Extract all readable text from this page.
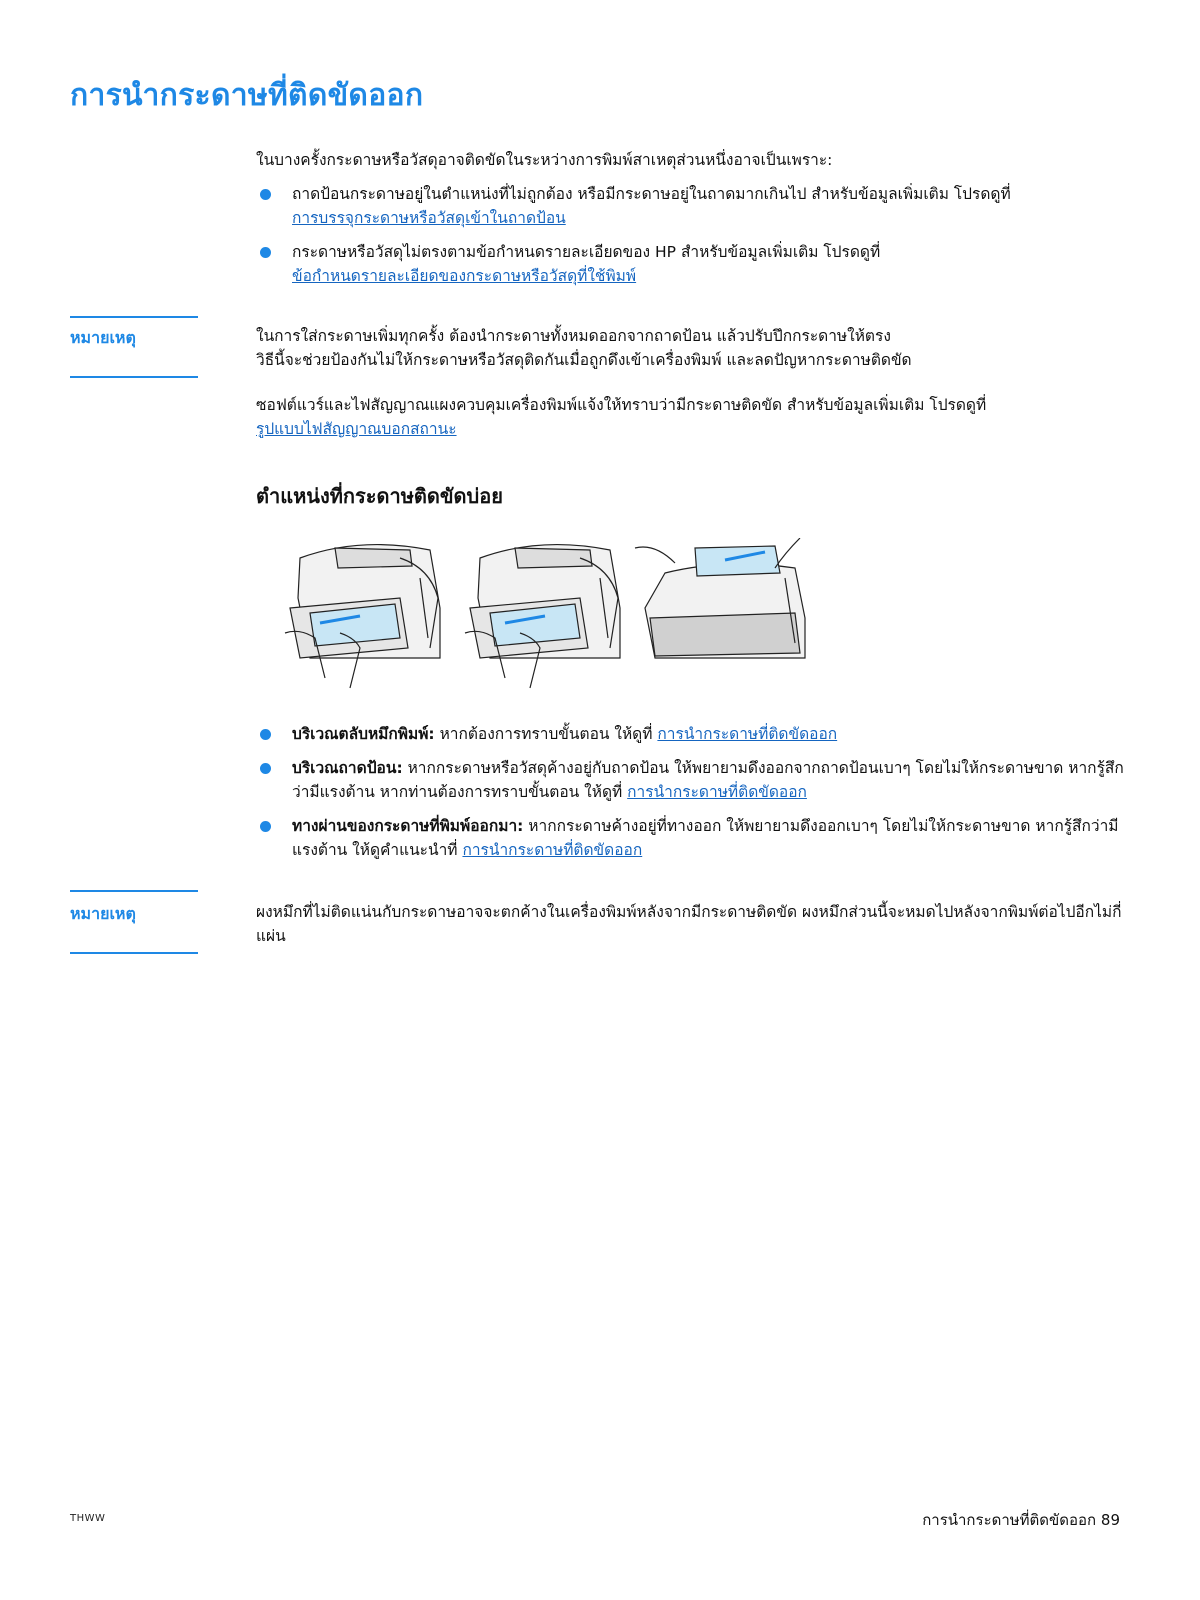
การนำกระดาษที่ติดขัดออก

ในบางครั้งกระดาษหรือวัสดุอาจติดขัดในระหว่างการพิมพ์สาเหตุส่วนหนึ่งอาจเป็นเพราะ:

ถาดป้อนกระดาษอยู่ในตำแหน่งที่ไม่ถูกต้อง หรือมีกระดาษอยู่ในถาดมากเกินไป สำหรับข้อมูลเพิ่มเติม โปรดดูที่
การบรรจุกระดาษหรือวัสดุเข้าในถาดป้อน
กระดาษหรือวัสดุไม่ตรงตามข้อกำหนดรายละเอียดของ HP สำหรับข้อมูลเพิ่มเติม โปรดดูที่
ข้อกำหนดรายละเอียดของกระดาษหรือวัสดุที่ใช้พิมพ์
หมายเหตุ	ในการใส่กระดาษเพิ่มทุกครั้ง ต้องนำกระดาษทั้งหมดออกจากถาดป้อน แล้วปรับปึกกระดาษให้ตรง

วิธีนี้จะช่วยป้องกันไม่ให้กระดาษหรือวัสดุติดกันเมื่อถูกดึงเข้าเครื่องพิมพ์ และลดปัญหากระดาษติดขัด

ซอฟต์แวร์และไฟสัญญาณแผงควบคุมเครื่องพิมพ์แจ้งให้ทราบว่ามีกระดาษติดขัด สำหรับข้อมูลเพิ่มเติม โปรดดูที่
รูปแบบไฟสัญญาณบอกสถานะ

ตำแหน่งที่กระดาษติดขัดบ่อย
บริเวณตลับหมึกพิมพ์: หากต้องการทราบขั้นตอน ให้ดูที่ การนำกระดาษที่ติดขัดออก
บริเวณถาดป้อน: หากกระดาษหรือวัสดุค้างอยู่กับถาดป้อน ให้พยายามดึงออกจากถาดป้อนเบาๆ โดยไม่ให้กระดาษขาด หากรู้สึกว่ามีแรงต้าน หากท่านต้องการทราบขั้นตอน ให้ดูที่ การนำกระดาษที่ติดขัดออก
ทางผ่านของกระดาษที่พิมพ์ออกมา: หากกระดาษค้างอยู่ที่ทางออก ให้พยายามดึงออกเบาๆ โดยไม่ให้กระดาษขาด หากรู้สึกว่ามีแรงต้าน ให้ดูคำแนะนำที่ การนำกระดาษที่ติดขัดออก
หมายเหตุ	ผงหมึกที่ไม่ติดแน่นกับกระดาษอาจจะตกค้างในเครื่องพิมพ์หลังจากมีกระดาษติดขัด ผงหมึกส่วนนี้จะหมดไปหลังจากพิมพ์ต่อไปอีกไม่กี่แผ่น

THWW	การนำกระดาษที่ติดขัดออก 89
